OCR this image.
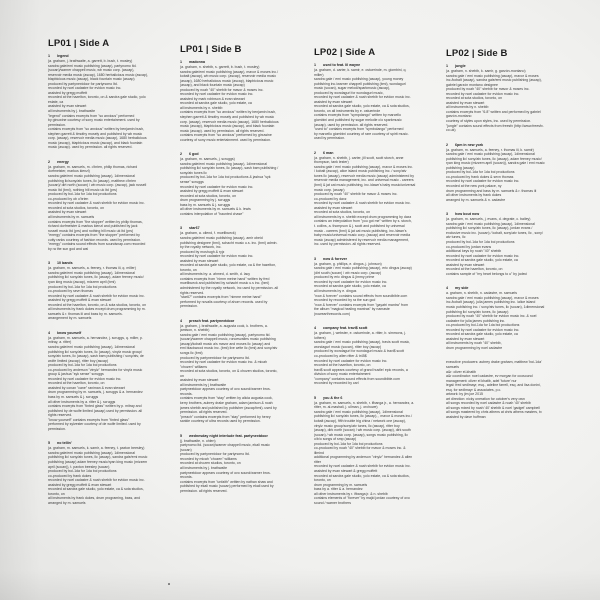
LP01 | Side A
1 legend
(a. graham, j. brathwaite, a. garrett, b. bush, t. mosley)
sandra gale/emi music publishing (ascap), partynomo ltd.
(socan)/warner chappell music, wb music corp. (ascap),
reservoir media music (ascap), 1680 herbalicious music (ascap),
blapbicious music (ascap), black fountain music (ascap)
produced by partynextdoor for partynomo ltd.
recorded by noel cadastre for evidon music inc.
assisted by gregg moffett
recorded at the hazelton, toronto, on & sandra gale studio, yolo
estate, ca
assisted by evan stewart
all instruments by j. brathwaite
"legend" contains excerpts from "so anxious" performed
by ginuwine courtesy of sony music entertainment. used by
permission.
contains excerpts from "so anxious" written by benjamin bush,
stephen garrett & timothy mosely and published by wb music
corp. (ascap), reservoir media music (ascap), 1680 herbalicious
music (ascap), blapbicious music (ascap), and black fountain
music (ascap). used by permission. all rights reserved.
2 energy
(a. graham, m. samuels, m. o'brien, philip thomas, richard
dorfmeister, markus kienzl)
sandra gale/emi music publishing (ascap), 1dimensional
publishing llc/sony/atv tunes, llc (ascap), matthew o'brien
(socan)/ dirt north (socan) / wb music corp. (ascap), jack russell
music ltd (bmi), nothing hill music uk ltd (prs)
produced by boi-1da for 1da boi productions
co-produced by ob o'brien
recorded by noel cadastre & noah shebib for evidon music inc.
recorded at sota studios, toronto, on
assisted by evan stewart
all instruments by m. samuels
contains excerpts from "the stopper" written by philip thomas,
richard dorfmeister & markus kienzl and published by jack
russell music ltd (prs) and nothing hill music uk ltd (prs)
"energy" contains excerpts from "the stopper" performed by
cutty ranks courtesy of fashion records. used by permission.
"energy" contains sound effects from soundsnap.com recorded
by ra the sun god and wai
3 10 bands
(a. graham, m. samuels, a. feeney, r. thomas iii, q. miller)
sandra gale/emi music publishing (ascap), 1dimensional
publishing llc/ sony/atv tunes, llc (ascap), adam feeney music/
ryan king music (ascap), mizzem april (bmi)
produced by boi-1da for 1da boi productions
co-produced by sevn thomas
recorded by noel cadastre & noah shebib for evidon music inc.
assisted by gregg moffett & evan stewart
recorded at the hazelton, toronto, on & sota studios, toronto, on
all instruments by frank dukes except drum programming by m.
samuels & r. thomas iii and bass by m. samuels.
arrangement by m. samuels
4 know yourself
(a. graham, m. samuels, a. hernandez, j. scruggs, q. miller, p.
mitray, a. ritter)
sandra gale/emi music publishing (ascap), 1dimensional
publishing llc/ sony/atv tunes, llc (ascap), vinylz music group/
sony/atv tunes, llc (ascap), sash bam publishing / sony/atv, de
wolfe limited (ascap), ritter boy (ascap)
produced by boi-1da for 1da boi productions
co-produced by anderson "vinylz" hernandez for vinylz music
group & jashua "syk sense" scruggs
recorded by noel cadastre for evidon music inc.
recorded at the hazelton, toronto, on
assisted by conan "cane" raniman & evan stewart
drum programming by m. samuels, j. scruggs & a. hernandez
bass by m. samuels & j. scruggs
all other instruments by a. ritter & j. scruggs
contains excerpts from "tinted glass" written by p. mitray and
published by de wolfe limited (ascap) used by permission. all
rights reserved.
"know yourself" contains excerpts from "tinted glass"
performed by sylvester courtesy of de wolfe limited. used by
permission.
5 no tellin'
(a. graham, m. samuels, k. samir, a. feeney, t. paxton beesley)
sandra gale/emi music publishing (ascap), 1dimensional
publishing llc/ sony/atv tunes, llc (ascap), sandra gale/emi music
publishing (ascap) adam feeney music/ryan king music (mizzem
april (socan)), t. paxton beesley (socan)
produced by boi-1da for 1da boi productions
co-produced by frank dukes
recorded by noel cadastre & noah shebib for evidon music inc.
assisted by gregg moffett & evan stewart
recorded at sandra gale studio, yolo estate, ca & sota studios,
toronto, on
all instruments by frank dukes, drum programing, bass, and
arranged by m. samuels
LP01 | Side B
1 madonna
(a. graham, n. shebib, s. garrett, b. bush, t. mosley)
sandra gale/emi music publishing (ascap), mavor & moses inc./
kobalt (ascap), wb music corp. (ascap), reservoir media music
(ascap), 1680 herbalicious music (ascap), blapbicious music
(ascap), and black fountain music (ascap)
produced by noah "40" shebib for mavor & moses inc.
recorded by noel cadastre for evidon music inc.
assisted by mark robinson & evan stewart
recorded at sandra gale studio, yolo estate, ca
all instruments by n. shebib
contains excerpts from "so anxious" written by benjamin bush,
stephen garrett & timothy mosely and published by wb music
corp. (ascap), reservoir media music (ascap), 1680 herbalicious
music (ascap), blapbicious music (ascap), and black fountain
music (ascap). used by permission. all rights reserved.
contains excerpts from "so anxious" performed by ginuwine
courtesy of sony music entertainment. used by permission.
2 6 god
(a. graham, m. samuels, j. scruggs)
sandra gale/emi music publishing (ascap), 1dimensional
publishing llc/ sony/atv tunes, llc (ascap), sash bam publishing /
sony/atv tunes llc
produced by boi-1da for 1da boi productions & jashua "syk
sense" scruggs
recorded by noel cadastre for evidon music inc.
assisted by gregg moffett & evan stewart
recorded at sota studios, toronto, on
drum programming by j. scruggs
bass by m. samuels & j. scruggs
all other instruments by m. samuels & k. lewis
contains interpolation of "haunted chase"
3 star67
(a. graham, a. oliend, f. muellbueck)
sandra gale/emi music publishing (ascap), amir obeid
publishing designee (bmi), schacht music u.s. inc. (bmi) admin.
by the royalty network, inc.
produced by moshugh & ryjz
recorded by noel cadastre for evidon music inc.
assisted by evan stewart
recorded at sandra gale studio, yolo estate, ca & the hazelton,
toronto, on
all instruments by: a. ahmed, d. smith, d. lacy
contains excerpts from "nimm meine hand" written by fred
muellbueck and published by schacht music u.s inc. (bmi)
administered by the royalty network, inc used by permission. all
rights reserved.
"star67" contains excerpts from "nimme meine hand"
performed by novalis courtesy of ahorn records. used by
permission.
4 preach feat. partynextdoor
(a. graham, j. brathwaite, a. augusta cook, k. brothers, a.
jamison, n. shebib)
sandra gale / emi music publishing (ascap), partynomo ltd.
(socan)/warner chappell music, roncesvalles music publishing
(ascap)/kobalt music a/s mavor and moses llc (ascap) and
emi blackwood music inc. (bmi) live write llc (bmi) and sony/atv
songs llc (bmi)
produced by partynextdoor for partynomo ltd.
recorded by noel cadastre for evidon music inc. & micah
"chozen" williams
recorded at sota studios, toronto, on & chozen studios, toronto,
on
assisted by evan stewart
all instruments by j brathwaite
partynextdoor appears courtesy of ovo sound/warner bros.
records.
contains excerpts from "stay" written by alicia augusta cook,
kerry brothers, aubrey drake graham, adam jamison & noah
james shebib and published by publisher (ascap/bmi). used by
permission. all rights reserved.
"preach" contains excerpts from "stay" performed by henry
sankie courtesy of ultra records used by permission.
5 wednesday night interlude feat. partynextdoor
(j. brathwaite, n. ohlen)
partynomo ltd. (socan)/warner chappell music, ekali music
(socan)
produced by partynextdoor for partynomo ltd.
recorded by micah "chozen" williams
recorded at chozen studios, toronto, on
all instruments by j. brathwaite
partynextdoor appears courtesy of ovo sound/warner bros.
records.
contains excerpts from "unfaith" written by nathan shaw and
published by ekali music (socan) performed by ekali used by
permission. all rights reserved.
LP02 | Side A
1 used to feat. lil wayne
(a. graham, d. carter, k. samir, e. ostuerinde, m. giombini, q.
miller)
sandra gale / emi music publishing (ascap), young money
publishing inc./warner chappell publishing (bmi), wondagurl
music (socan), sugar melodi/sparkmusic (ascap),
produced by wondagurl for wondagurl music,
recorded by noel cadastre & noah shebib for evidon music inc.
assisted by evan stewart
recorded at sandra gale studio, yolo estate, ca & sota studios,
toronto, on all instruments by e. ostuerinde
contains excerpts from "sympdango" written by marcello
giombini and published by sugar melodie c/o sparkmusic
(ascap). used by permission. all rights reserved.
"used to" contains excerpts from "symbolango" performed
by marcello giombini courtesy of rare courtesy of spirit music.
used by permission.
2 6 man
(a. graham, n. shebib, j. carter, jill scott, scott storch, anne
thompson, tank lester)
sandra gale / emi music publishing (ascap), mavor & moses inc.
/ kobalt (ascap), alice island music publishing inc. / sony/atv
tunes llc (ascap), reservoir media music (ascap) administered by
reservoir media management, inc. and universal music - careers
(bmi) & jat cat music publishing, inc./dawn's baby music/universal
music corp. (ascap)
produced by noah "40" shebib for mavor & moses inc.
co-produced by daxz
recorded by noel cadastre & noah shebib for evidon music inc.
assisted by evan stewart
recorded at sota studios, toronto, on
all instruments by n. shebib except drum programming by daxz
contains an interpolation from "you got me" written by s. storch,
t. collins, a. thompson & j. scott and published by universal
music - careers (bmi) & jat cat music publishing, inc./dawn's
baby music/universal music corp. (ascap) and reservoir media
music (ascap) administered by reservoir media management,
inc. used by permission. all rights reserved.
3 now & forever
(a. graham, g. phillips, e. dingus, j. johnson)
sandra gale / emi music publishing (ascap), eric dingus (ascap)
(dirt south (socan) / wb music corp. (ascap)
produced by eric dingus & jimmy prime
recorded by noel cadastre for evidon music inc.
recorded at sandra gale studio, yolo estate, ca
all instruments by e. dingus
"now & forever" contains sound effects from soundbible.com
recorded by recorded by ra the sun god
"now & forever" contains excerpts from "gayatri mantra" from
the album "magical healing mantras" by namaste
(nowearthrecords.com)
4 company feat. travi$ scott
(a. graham, j. webster, e. ostuerinde, a. ritter, b. simmons, j.
luthers)
sandra gale / emi music publishing (ascap), travis scott music,
wondagurl music (socan), ritter boy (ascap)
produced by wondagurl for wondagurl music & travi$ scott
co-produced by allen ritter & tr45$
recorded by noel cadastre for evidon music inc.
recorded at the hazelton, toronto, on
travi$ scott appears courtesy of grand hustle/ epic records, a
division of sony music entertainment
"company" contains sound effects from soundbible.com
recorded by recorded by carl
5 you & the 6
(a. graham, m. samuels, n. shebib, r. ifbanga jr., a. hernandez, a.
ritter, m. al-mashali, j. ullman, j. orchowe)
sandra gale / emi music publishing (ascap), 1dimensional
publishing llc/ sony/atv tunes, llc (ascap), , mavor & moses inc./
kobalt (ascap), fifth trouble big china / network one (ascap),
vinylz music group/sony/atv tunes, llc (ascap), ritter boy
(ascap), dirk north (socan) / wb music corp. (ascap), dirk south
(socan) / wb music corp. (ascap), songs music publishing, llc
o/b/o songs of smp (ascap)
produced by boi-1da for 1da boi productions
co-produced by noah "40" shebib for mavor & moses inc. &
illmind
additional programming by anderson "vinylz" hernandez & allen
ritter
recorded by noel cadastre & noah shebib for evidon music inc.
assisted by evan stewart & gregg moffett
recorded at sandra gale studio, yolo estate, ca & sota studios,
toronto, on
drum programming by m. samuels
bass by a. ritter & a. hernandez
all other instruments by r. ifbanga jr. & n. shebib
contains elements of "forever" by majid jordan courtesy of ovo
sound / warner brothers
LP02 | Side B
1 jungle
(a. graham, n. shebib, k. samir, g. garzón-montano)
sandra gale / emi music publishing (ascap), mavor & moses
inc./kobalt (ascap), sandra gale/emi music publishing (ascap),
gabriel garzón montano designee
produced by noah "40" shebib for mavor & moses inc.
recorded by noel cadastre for evidon music inc.
recorded at sota studios, toronto, on
assisted by evan stewart
all instruments by n. shebib
contains excerpts from "6.8" written and performed by gabriel
garzón-montano
courtesy of styles upon styles, inc. used by permission.
"jungle" contains sound effects from freesfx (http://www.freesfx.
co.uk)
2 6pm in new york
(a. graham, m. samuels, a. feeney, r. thomas iii, k. samir)
sandra gale / emi music publishing (ascap), 1dimensional
publishing llc/ sony/atv tunes, llc (ascap), adam feeney music/
ryan king music (mizzem april (socan)), sandra gale / emi music
publishing (ascap)
produced by boi-1da for 1da boi productions
co-produced by frank dukes & sevn thomas
recorded by noel cadastre for evidon music inc.
recorded at the new york palace, ny
drum programming and bass by m. samuels & r. thomas iii
all other instruments by frank dukes
arranged by m. samuels & n. cadastre
3 how bout now
(a. graham, m. samuels, j. evans, d. degrate, c. bailey)
sandra gale / emi music publishing (ascap), 1dimensional
publishing llc/ sony/atv tunes, llc (ascap), jordan evans /
exclusive music inc. (socan) / kobalt, sony/atv tunes, llc , sony/
atv tunes, llc
produced by boi-1da for 1da boi productions
co-produced by jordan evans
additional keys by noah "40" shebib
recorded by noel cadastre for evidon music inc.
recorded at sandra gale studio, yolo estate, ca
assisted by evan stewart
recorded at the hazelton, toronto, on
contains sample of "my heart belongs to u" by jodeci
4 my side
a. graham, n. shebib, n. cadastre, m. samuels
sandra gale / emi music publishing (ascap), mavor & moses
inc./kobalt (ascap), julia james publishing inc. /alice island
music publishing inc. / sony/atv tunes, llc (socan), 1dimensional
publishing llc/ sony/atv tunes, llc (ascap)
produced by noah "40" shebib for evidon music inc. & noel
cadastre for julia james publishing inc.
co-produced by boi-1da for 1da boi productions
recorded by noel cadastre for evidon music inc.
recorded at sandra gale studio, yolo estate, ca
assisted by evan stewart
all instruments by noah "40" shebib,
drum programming by noel cadastre
executive producers: aubrey drake graham, matthew 'boi-1da'
samuels
a&r: oliver el-khatib
a&r coordinator: noel cadastre, ev morgan for ocosound
management: oliver el khatib, adel 'future' nur
legal: fred sedlmayr, esq., adeline farrell, esq. and lisa donini,
esq. for sedlmayr & associates, p.c.
artwork: by jim joe 2015
art direction: nicky oneration for october's very own
all songs recorded by noel cadastre & noah '40' shebib
all songs mixed by noah '40' shebib & noel 'gadget' campbell
all songs mastered by chris athens at chris athens masters, tx
assisted by dave huffman
